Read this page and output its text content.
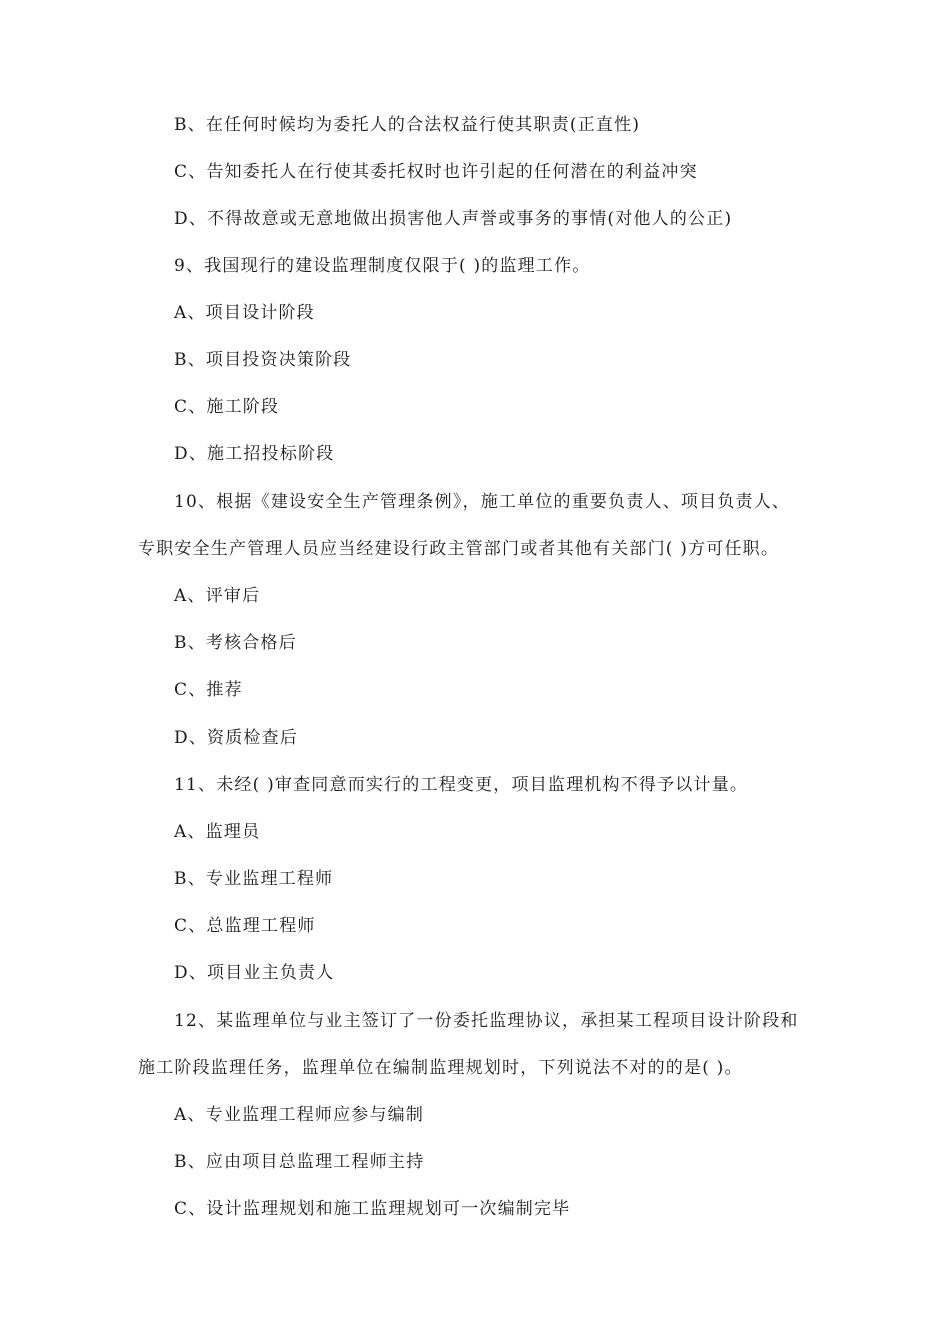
B、在任何时候均为委托人的合法权益行使其职责(正直性)
C、告知委托人在行使其委托权时也许引起的任何潜在的利益冲突
D、不得故意或无意地做出损害他人声誉或事务的事情(对他人的公正)
9、我国现行的建设监理制度仅限于( )的监理工作。
A、项目设计阶段
B、项目投资决策阶段
C、施工阶段
D、施工招投标阶段
10、根据《建设安全生产管理条例》，施工单位的重要负责人、项目负责人、
专职安全生产管理人员应当经建设行政主管部门或者其他有关部门( )方可任职。
A、评审后
B、考核合格后
C、推荐
D、资质检查后
11、未经( )审查同意而实行的工程变更，项目监理机构不得予以计量。
A、监理员
B、专业监理工程师
C、总监理工程师
D、项目业主负责人
12、某监理单位与业主签订了一份委托监理协议，承担某工程项目设计阶段和
施工阶段监理任务，监理单位在编制监理规划时，下列说法不对的的是( )。
A、专业监理工程师应参与编制
B、应由项目总监理工程师主持
C、设计监理规划和施工监理规划可一次编制完毕
